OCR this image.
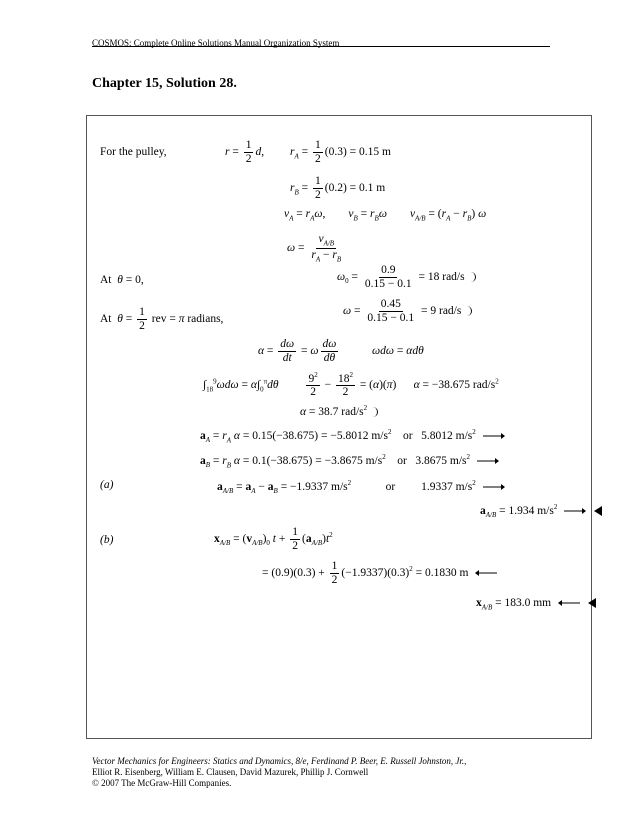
COSMOS: Complete Online Solutions Manual Organization System
Chapter 15, Solution 28.
For the pulley,	$r = \frac{1}{2} d$, $r_A = \frac{1}{2} (0.3) = 0.15$ m
$r_B = \frac{1}{2} (0.2) = 0.1$ m
$v_A = r_A\omega$,        $v_B = r_B\omega$ $v_{A/B} = (r_A - r_B)$ ω
$\omega = \frac{v_{A/B}}{r_A - r_B}$
At  θ = 0,	$\omega_0 = \frac{0.9}{0.15 - 0.1} = 18$ rad/s
At  $\theta = \frac{1}{2}$ rev = π radians,
$\omega = \frac{0.45}{0.15 - 0.1} = 9$ rad/s
$\alpha = \frac{d\omega}{dt} = \omega \frac{d\omega}{d\theta}$	ωdω = αdθ
$\int_{18}^9\omega d\omega = \alpha\int_0^\pi d\theta \frac{9^2}{2} - \frac{18^2}{2} = (\alpha)(\pi)$      α = −38.675 rad/$s^2$
α = 38.7 rad/$s^2$
$a_A = r_A$ α = 0.15(−38.675) = −5.8012 $m/s^2$    or   5.8012 $m/s^2$
$a_B = r_B$ α = 0.1(−38.675) = −3.8675 $m/s^2$    or   3.8675 $m/s^2$
(a)	$a_{A/B} = a_A - a_B = -1.9337$ $m/s^2$            or         1.9337 $m/s^2$
$a_{A/B} = 1.934$ $m/s^2$
(b)	$x_{A/B} = (v_{A/B})_0$ $t + \frac{1}{2} (a_{A/B})t^2$
= $(0.9)(0.3) + \frac{1}{2} (-1.9337)(0.3)^2 = 0.1830$ m
$x_{A/B} = 183.0$ mm
Vector Mechanics for Engineers: Statics and Dynamics, 8/e, Ferdinand P. Beer, E. Russell Johnston, Jr.,
Elliot R. Eisenberg, William E. Clausen, David Mazurek, Phillip J. Cornwell
© 2007 The McGraw-Hill Companies.
